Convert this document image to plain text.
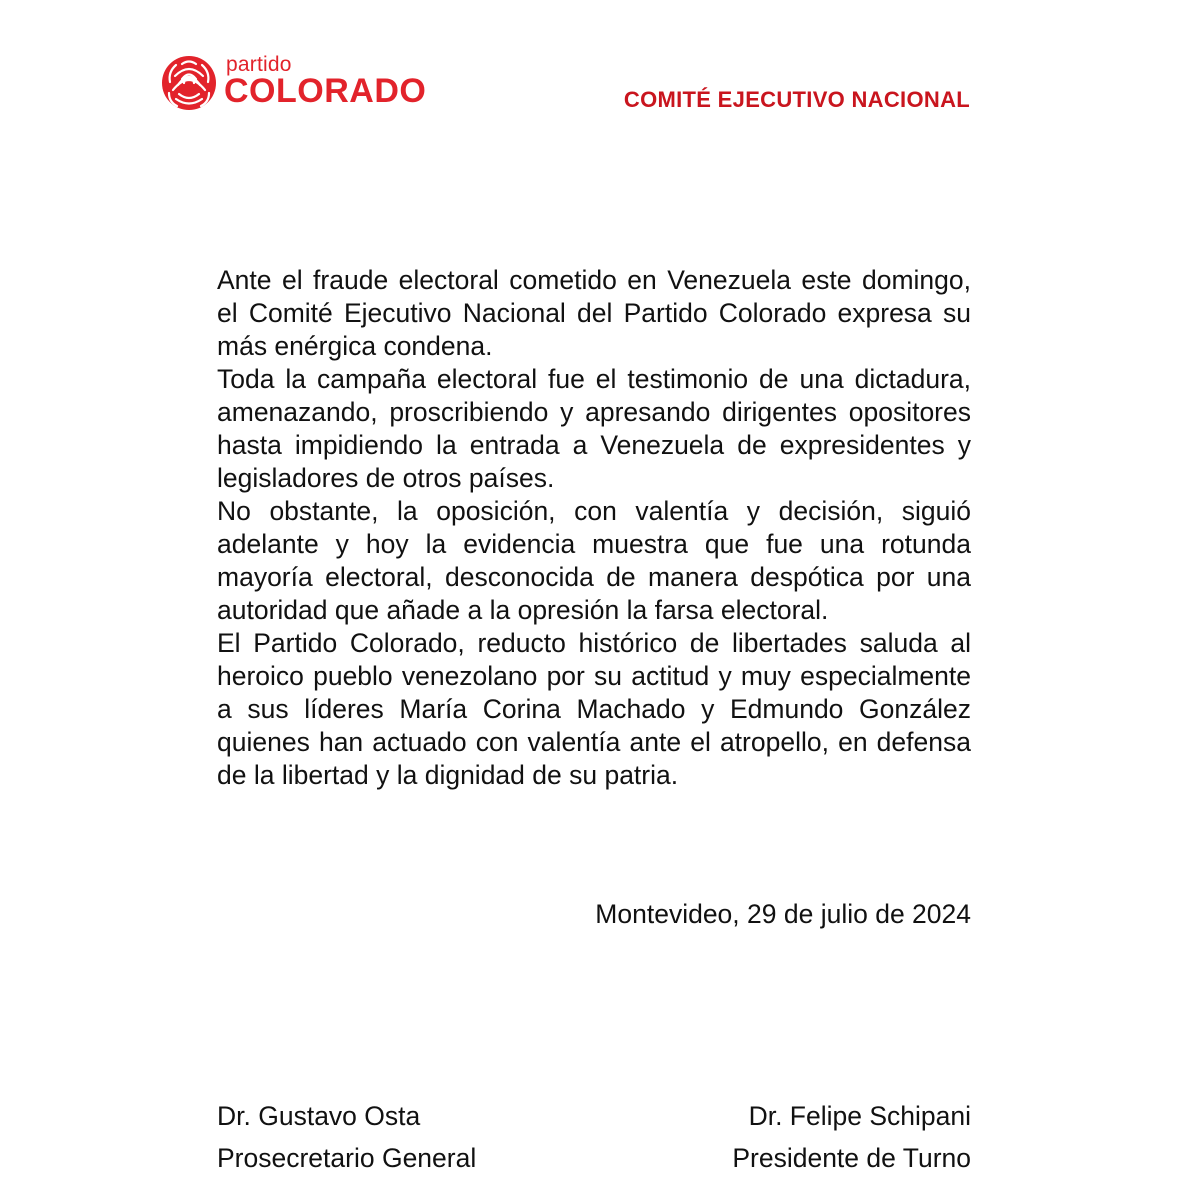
partido
COLORADO	COMITÉ EJECUTIVO NACIONAL

Ante el fraude electoral cometido en Venezuela este domingo, el Comité Ejecutivo Nacional del Partido Colorado expresa su más enérgica condena.

Toda la campaña electoral fue el testimonio de una dictadura, amenazando, proscribiendo y apresando dirigentes opositores hasta impidiendo la entrada a Venezuela de expresidentes y legisladores de otros países.

No obstante, la oposición, con valentía y decisión, siguió adelante y hoy la evidencia muestra que fue una rotunda mayoría electoral, desconocida de manera despótica por una autoridad que añade a la opresión la farsa electoral.

El Partido Colorado, reducto histórico de libertades saluda al heroico pueblo venezolano por su actitud y muy especialmente a sus líderes María Corina Machado y Edmundo González quienes han actuado con valentía ante el atropello, en defensa de la libertad y la dignidad de su patria.

Montevideo, 29 de julio de 2024
Dr. Gustavo Osta
Prosecretario General
Dr. Felipe Schipani
Presidente de Turno
